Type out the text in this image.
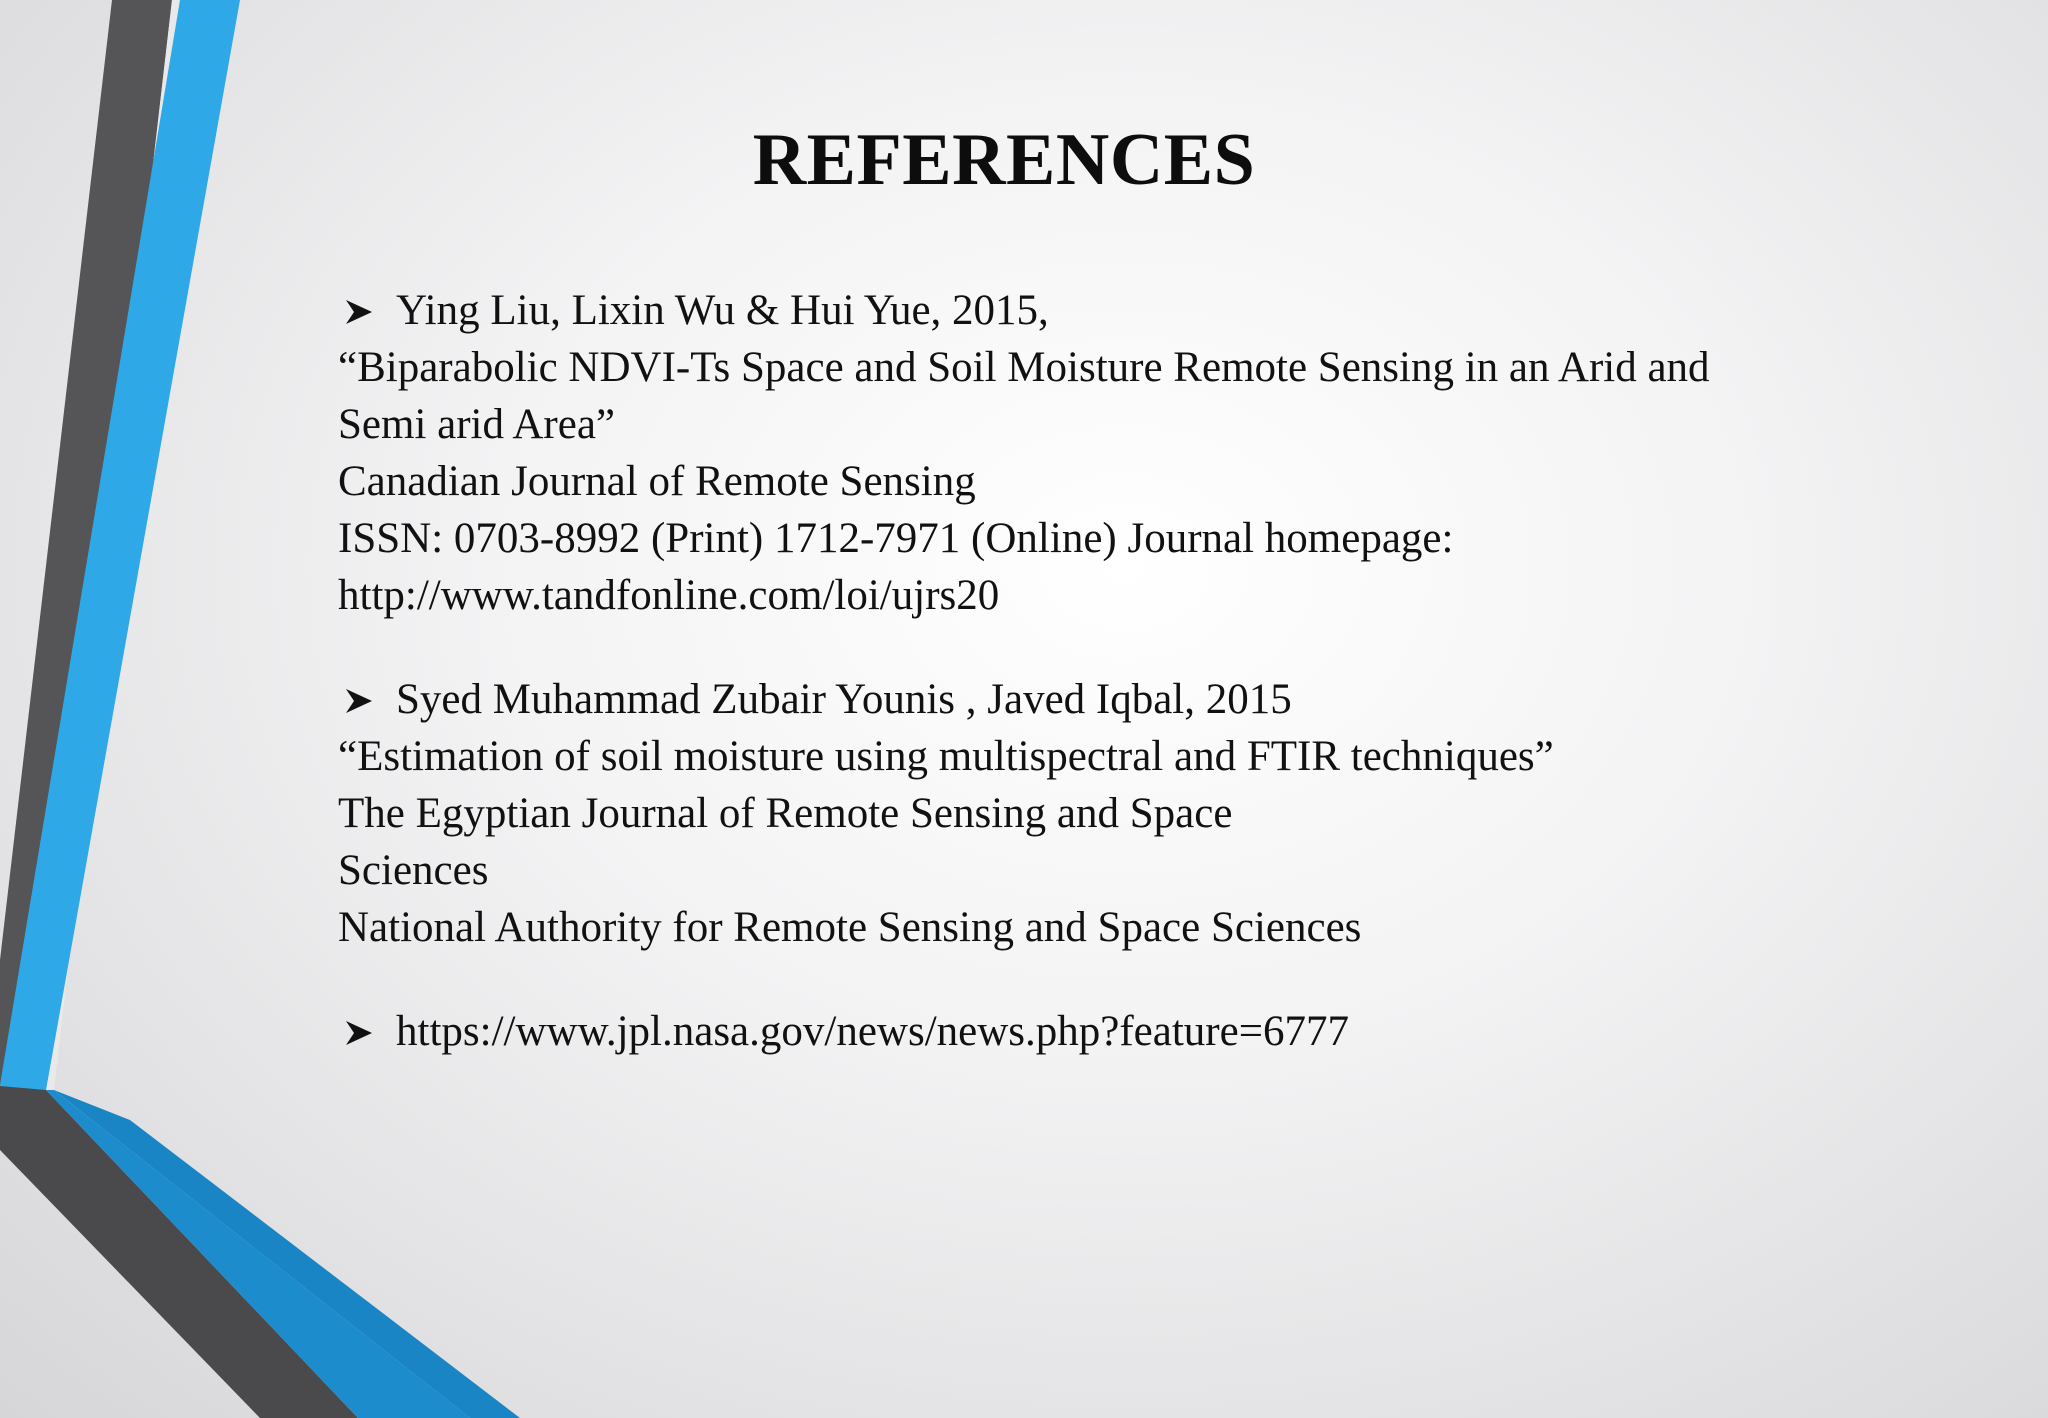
REFERENCES
Ying Liu, Lixin Wu & Hui Yue, 2015,
“Biparabolic NDVI-Ts Space and Soil Moisture Remote Sensing in an Arid and
Semi arid Area”
Canadian Journal of Remote Sensing
ISSN: 0703-8992 (Print) 1712-7971 (Online) Journal homepage:
http://www.tandfonline.com/loi/ujrs20
Syed Muhammad Zubair Younis , Javed Iqbal, 2015
“Estimation of soil moisture using multispectral and FTIR techniques”
The Egyptian Journal of Remote Sensing and Space
Sciences
National Authority for Remote Sensing and Space Sciences
https://www.jpl.nasa.gov/news/news.php?feature=6777
